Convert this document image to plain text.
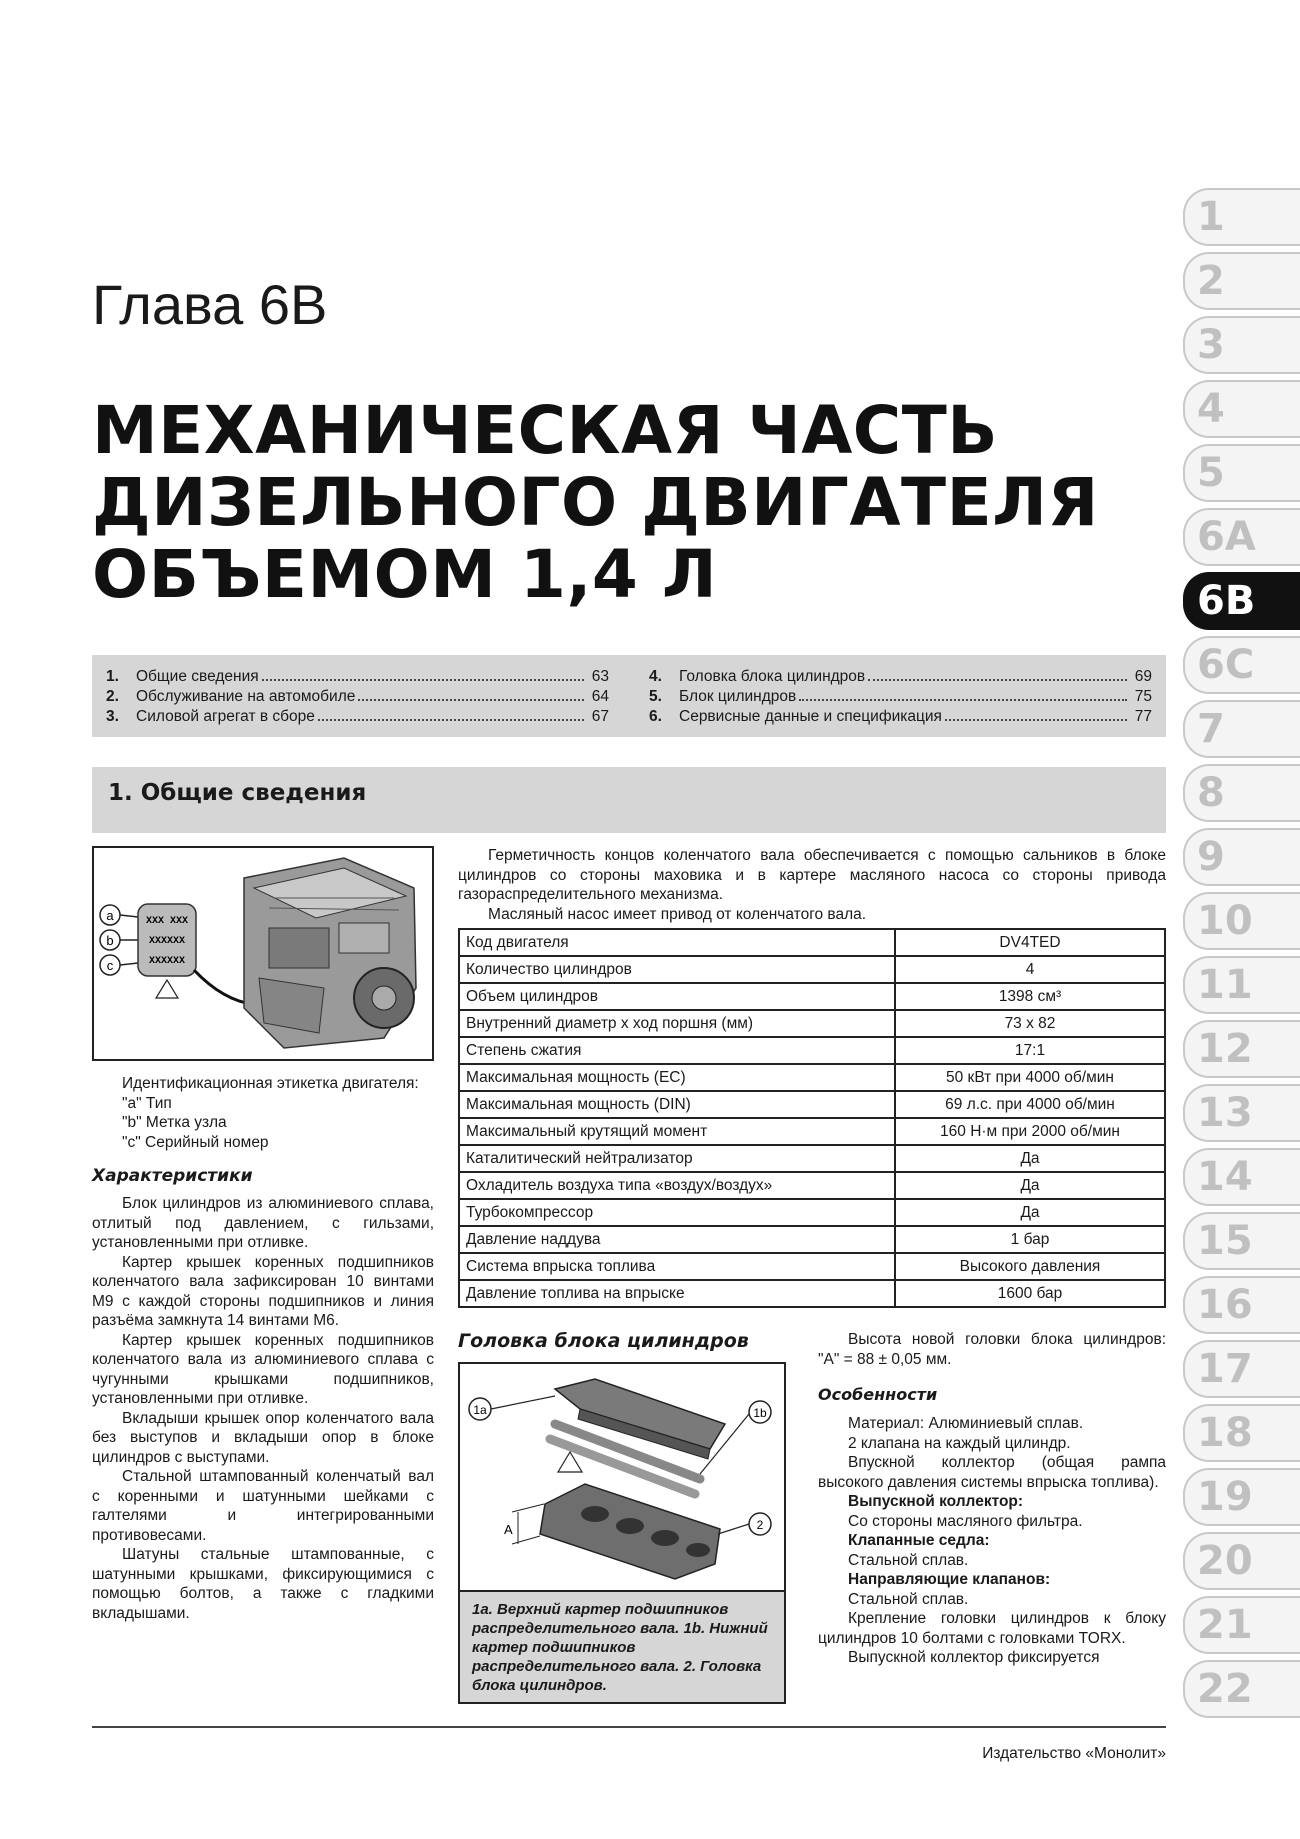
Глава 6B
МЕХАНИЧЕСКАЯ ЧАСТЬ
ДИЗЕЛЬНОГО ДВИГАТЕЛЯ
ОБЪЕМОМ 1,4 Л
1
2
3
4
5
6A
6B
6C
7
8
9
10
11
12
13
14
15
16
17
18
19
20
21
22
1.	Общие сведения	63
2.	Обслуживание на автомобиле	64
3.	Силовой агрегат в сборе	67
4.	Головка блока цилиндров	69
5.	Блок цилиндров	75
6.	Сервисные данные и спецификация	77
1. Общие сведения
a
b
c
XXX XXX
XXXXXX
XXXXXX

Идентификационная этикетка двигателя:

"a" Тип

"b" Метка узла

"c" Серийный номер

Характеристики

Блок цилиндров из алюминиевого сплава, отлитый под давлением, с гильзами, установленными при отливке.

Картер крышек коренных подшипников коленчатого вала зафиксирован 10 винтами M9 с каждой стороны подшипников и линия разъёма замкнута 14 винтами M6.

Картер крышек коренных подшипников коленчатого вала из алюминиевого сплава с чугунными крышками подшипников, установленными при отливке.

Вкладыши крышек опор коленчатого вала без выступов и вкладыши опор в блоке цилиндров с выступами.

Стальной штампованный коленчатый вал с коренными и шатунными шейками с галтелями и интегрированными противовесами.

Шатуны стальные штампованные, с шатунными крышками, фиксирующимися с помощью болтов, а также с гладкими вкладышами.

Герметичность концов коленчатого вала обеспечивается с помощью сальников в блоке цилиндров со стороны маховика и в картере масляного насоса со стороны привода газораспределительного механизма.

Масляный насос имеет привод от коленчатого вала.

Код двигателя	DV4TED
Количество цилиндров	4
Объем цилиндров	1398 см³
Внутренний диаметр x ход поршня (мм)	73 x 82
Степень сжатия	17:1
Максимальная мощность (ЕС)	50 кВт при 4000 об/мин
Максимальная мощность (DIN)	69 л.с. при 4000 об/мин
Максимальный крутящий момент	160 Н·м при 2000 об/мин
Каталитический нейтрализатор	Да
Охладитель воздуха типа «воздух/воздух»	Да
Турбокомпрессор	Да
Давление наддува	1 бар
Система впрыска топлива	Высокого давления
Давление топлива на впрыске	1600 бар
Головка блока цилиндров
1a	1b
2
A
1a. Верхний картер подшипников распределительного вала. 1b. Нижний картер подшипников распределительного вала. 2. Головка блока цилиндров.

Высота новой головки блока цилиндров: "A" = 88 ± 0,05 мм.

Особенности

Материал: Алюминиевый сплав.

2 клапана на каждый цилиндр.

Впускной коллектор (общая рампа высокого давления системы впрыска топлива).

Выпускной коллектор:

Со стороны масляного фильтра.

Клапанные седла:

Стальной сплав.

Направляющие клапанов:

Стальной сплав.

Крепление головки цилиндров к блоку цилиндров 10 болтами с головками TORX.

Выпускной коллектор фиксируется

Издательство «Монолит»
